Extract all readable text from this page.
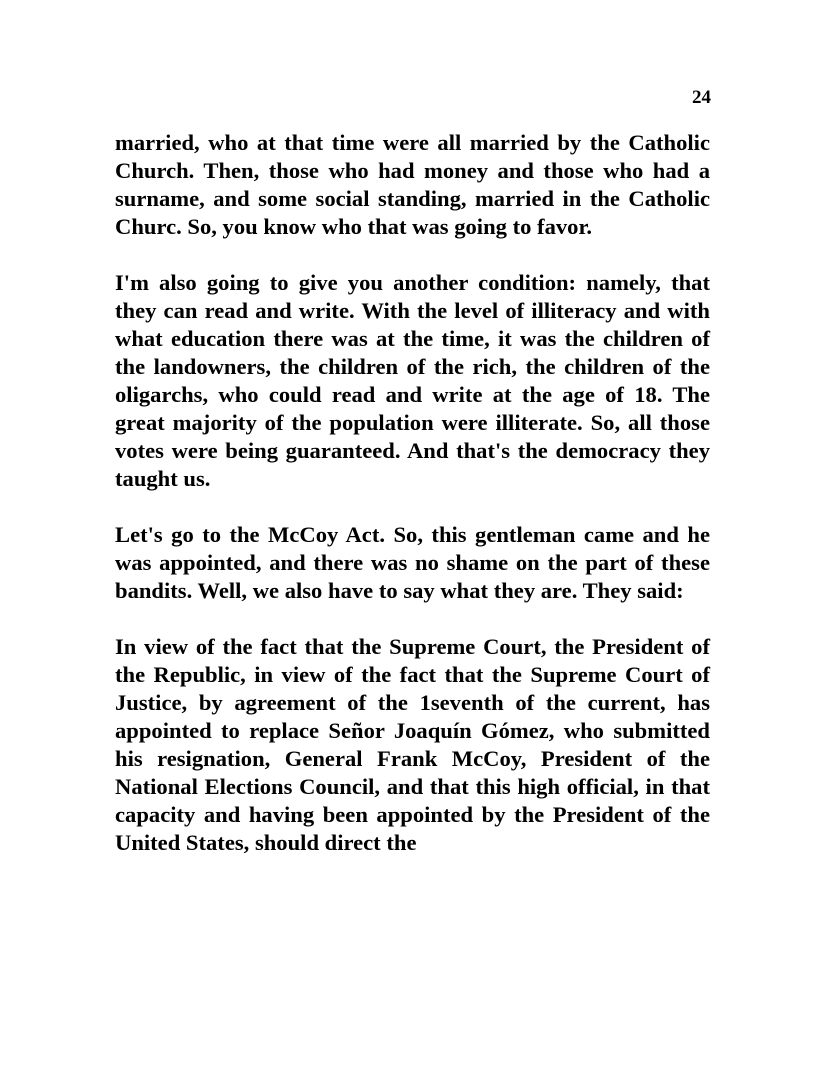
24

married, who at that time were all married by the Catholic Church. Then, those who had money and those who had a surname, and some social standing, married in the Catholic Churc. So, you know who that was going to favor.

I'm also going to give you another condition: namely, that they can read and write. With the level of illiteracy and with what education there was at the time, it was the children of the landowners, the children of the rich, the children of the oligarchs, who could read and write at the age of 18. The great majority of the population were illiterate. So, all those votes were being guaranteed. And that's the democracy they taught us.

Let's go to the McCoy Act. So, this gentleman came and he was appointed, and there was no shame on the part of these bandits. Well, we also have to say what they are. They said:

In view of the fact that the Supreme Court, the President of the Republic, in view of the fact that the Supreme Court of Justice, by agreement of the 1seventh of the current, has appointed to replace Señor Joaquín Gómez, who submitted his resignation, General Frank McCoy, President of the National Elections Council, and that this high official, in that capacity and having been appointed by the President of the United States, should direct the
